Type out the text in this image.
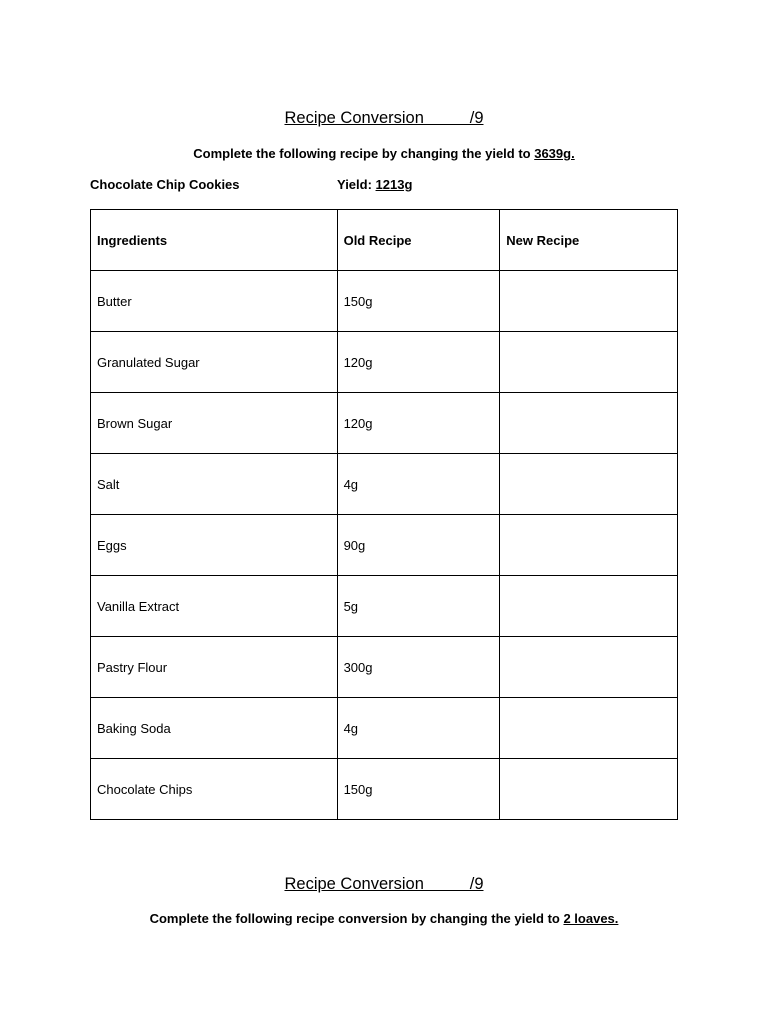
Recipe Conversion          /9
Complete the following recipe by changing the yield to 3639g.
Chocolate Chip Cookies	Yield: 1213g
Ingredients	Old Recipe	New Recipe
Butter	150g	
Granulated Sugar	120g	
Brown Sugar	120g	
Salt	4g	
Eggs	90g	
Vanilla Extract	5g	
Pastry Flour	300g	
Baking Soda	4g	
Chocolate Chips	150g	
Recipe Conversion          /9
Complete the following recipe conversion by changing the yield to 2 loaves.
